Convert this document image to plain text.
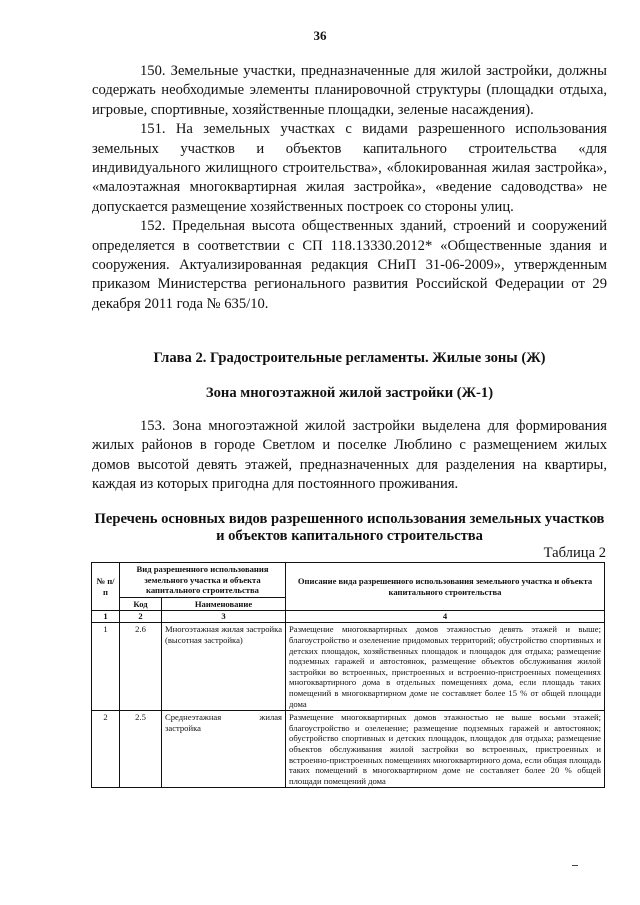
36

150. Земельные участки, предназначенные для жилой застройки, должны содержать необходимые элементы планировочной структуры (площадки отдыха, игровые, спортивные, хозяйственные площадки, зеленые насаждения).

151. На земельных участках с видами разрешенного использования земельных участков и объектов капитального строительства «для индивидуального жилищного строительства», «блокированная жилая застройка», «малоэтажная многоквартирная жилая застройка», «ведение садоводства» не допускается размещение хозяйственных построек со стороны улиц.

152. Предельная высота общественных зданий, строений и сооружений определяется в соответствии с СП 118.13330.2012* «Общественные здания и сооружения. Актуализированная редакция СНиП 31-06-2009», утвержденным приказом Министерства регионального развития Российской Федерации от 29 декабря 2011 года № 635/10.

Глава 2. Градостроительные регламенты. Жилые зоны (Ж)

Зона многоэтажной жилой застройки (Ж-1)

153. Зона многоэтажной жилой застройки выделена для формирования жилых районов в городе Светлом и поселке Люблино с размещением жилых домов высотой девять этажей, предназначенных для разделения на квартиры, каждая из которых пригодна для постоянного проживания.

Перечень основных видов разрешенного использования земельных участков и объектов капитального строительства
Таблица 2
№ п/п	Вид разрешенного использования земельного участка и объекта капитального строительства		Описание вида разрешенного использования земельного участка и объекта капитального строительства
	Код	Наименование	
1	2	3	4
1	2.6	Многоэтажная жилая застройка (высотная застройка)	Размещение многоквартирных домов этажностью девять этажей и выше; благоустройство и озеленение придомовых территорий; обустройство спортивных и детских площадок, хозяйственных площадок и площадок для отдыха; размещение подземных гаражей и автостоянок, размещение объектов обслуживания жилой застройки во встроенных, пристроенных и встроенно-пристроенных помещениях многоквартирного дома в отдельных помещениях дома, если площадь таких помещений в многоквартирном доме не составляет более 15 % от общей площади дома
2	2.5	Среднеэтажная жилая застройка	Размещение многоквартирных домов этажностью не выше восьми этажей; благоустройство и озеленение; размещение подземных гаражей и автостоянок; обустройство спортивных и детских площадок, площадок для отдыха; размещение объектов обслуживания жилой застройки во встроенных, пристроенных и встроенно-пристроенных помещениях многоквартирного дома, если общая площадь таких помещений в многоквартирном доме не составляет более 20 % общей площади помещений дома
